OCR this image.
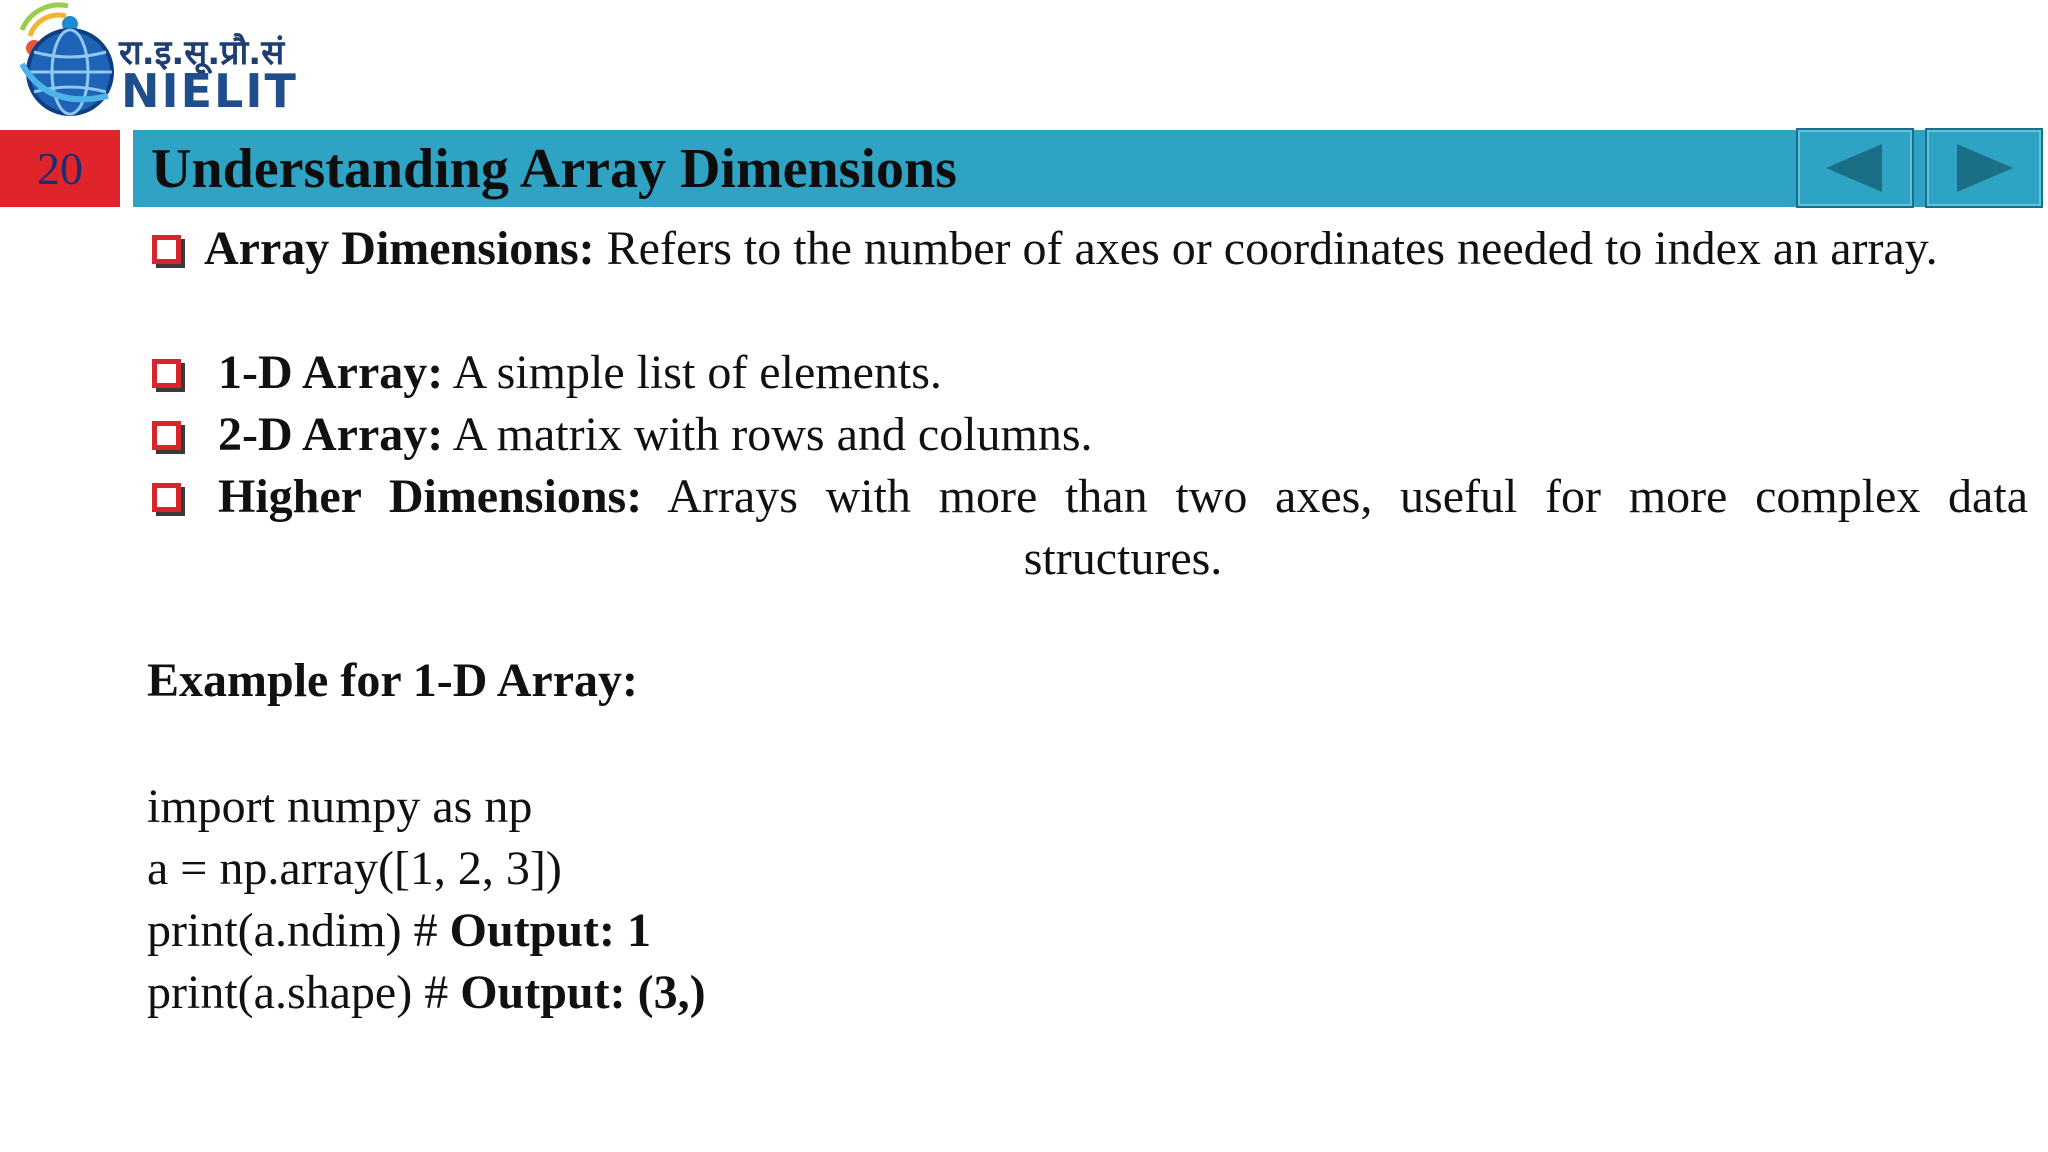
रा.इ.सू.प्रौ.सं
NIELIT
20	Understanding Array Dimensions
Array Dimensions: Refers to the number of axes or coordinates needed to index an array.
1-D Array: A simple list of elements.
2-D Array: A matrix with rows and columns.
Higher Dimensions: Arrays with more than two axes, useful for more complex data structures.
Example for 1-D Array:
import numpy as np
a = np.array([1, 2, 3])
print(a.ndim) # Output: 1
print(a.shape) # Output: (3,)
